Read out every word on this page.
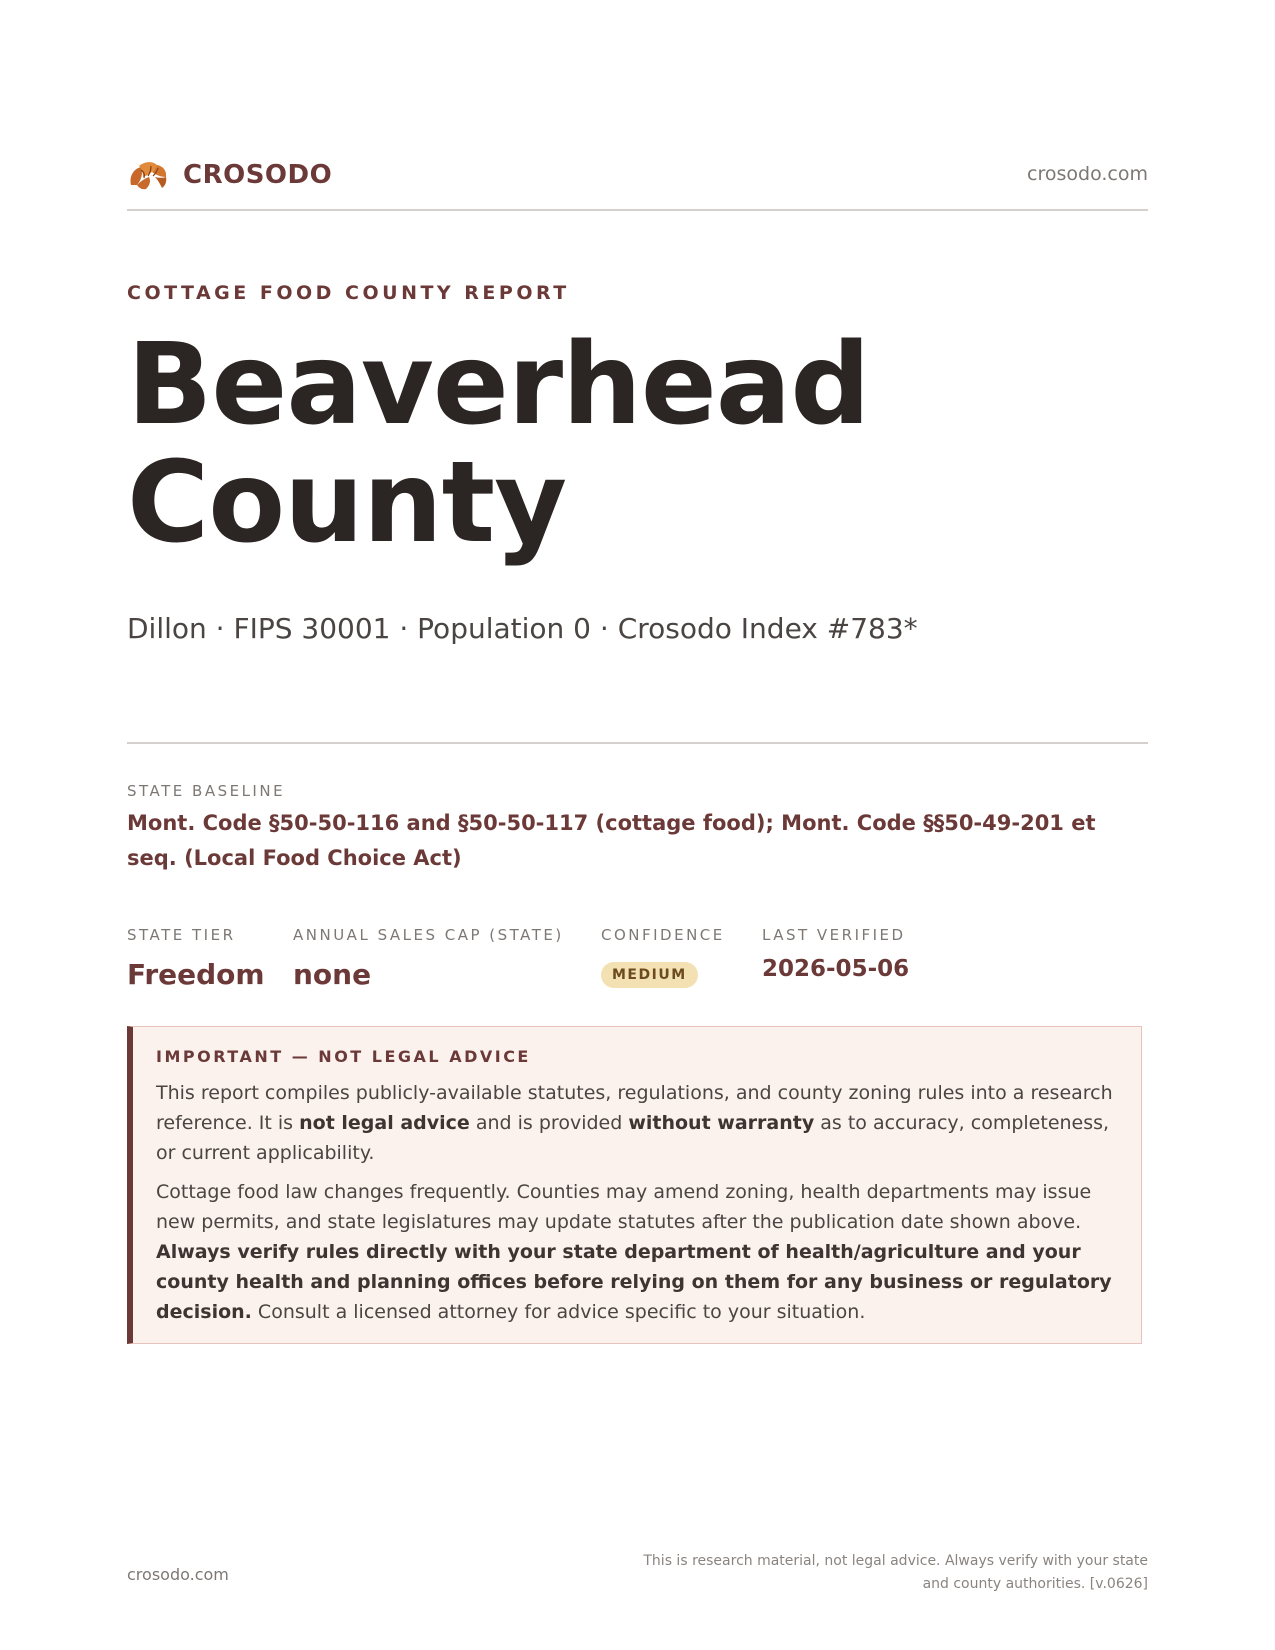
CROSODO	crosodo.com
COTTAGE FOOD COUNTY REPORT
Beaverhead
County
Dillon · FIPS 30001 · Population 0 · Crosodo Index #783*
STATE BASELINE
Mont. Code §50-50-116 and §50-50-117 (cottage food); Mont. Code §§50-49-201 et seq. (Local Food Choice Act)
STATE TIER
Freedom
ANNUAL SALES CAP (STATE)
none
CONFIDENCE
MEDIUM
LAST VERIFIED
2026-05-06
IMPORTANT — NOT LEGAL ADVICE

This report compiles publicly-available statutes, regulations, and county zoning rules into a research reference. It is not legal advice and is provided without warranty as to accuracy, completeness, or current applicability.

Cottage food law changes frequently. Counties may amend zoning, health departments may issue new permits, and state legislatures may update statutes after the publication date shown above. Always verify rules directly with your state department of health/agriculture and your county health and planning offices before relying on them for any business or regulatory decision. Consult a licensed attorney for advice specific to your situation.

crosodo.com
This is research material, not legal advice. Always verify with your state
and county authorities. [v.0626]
